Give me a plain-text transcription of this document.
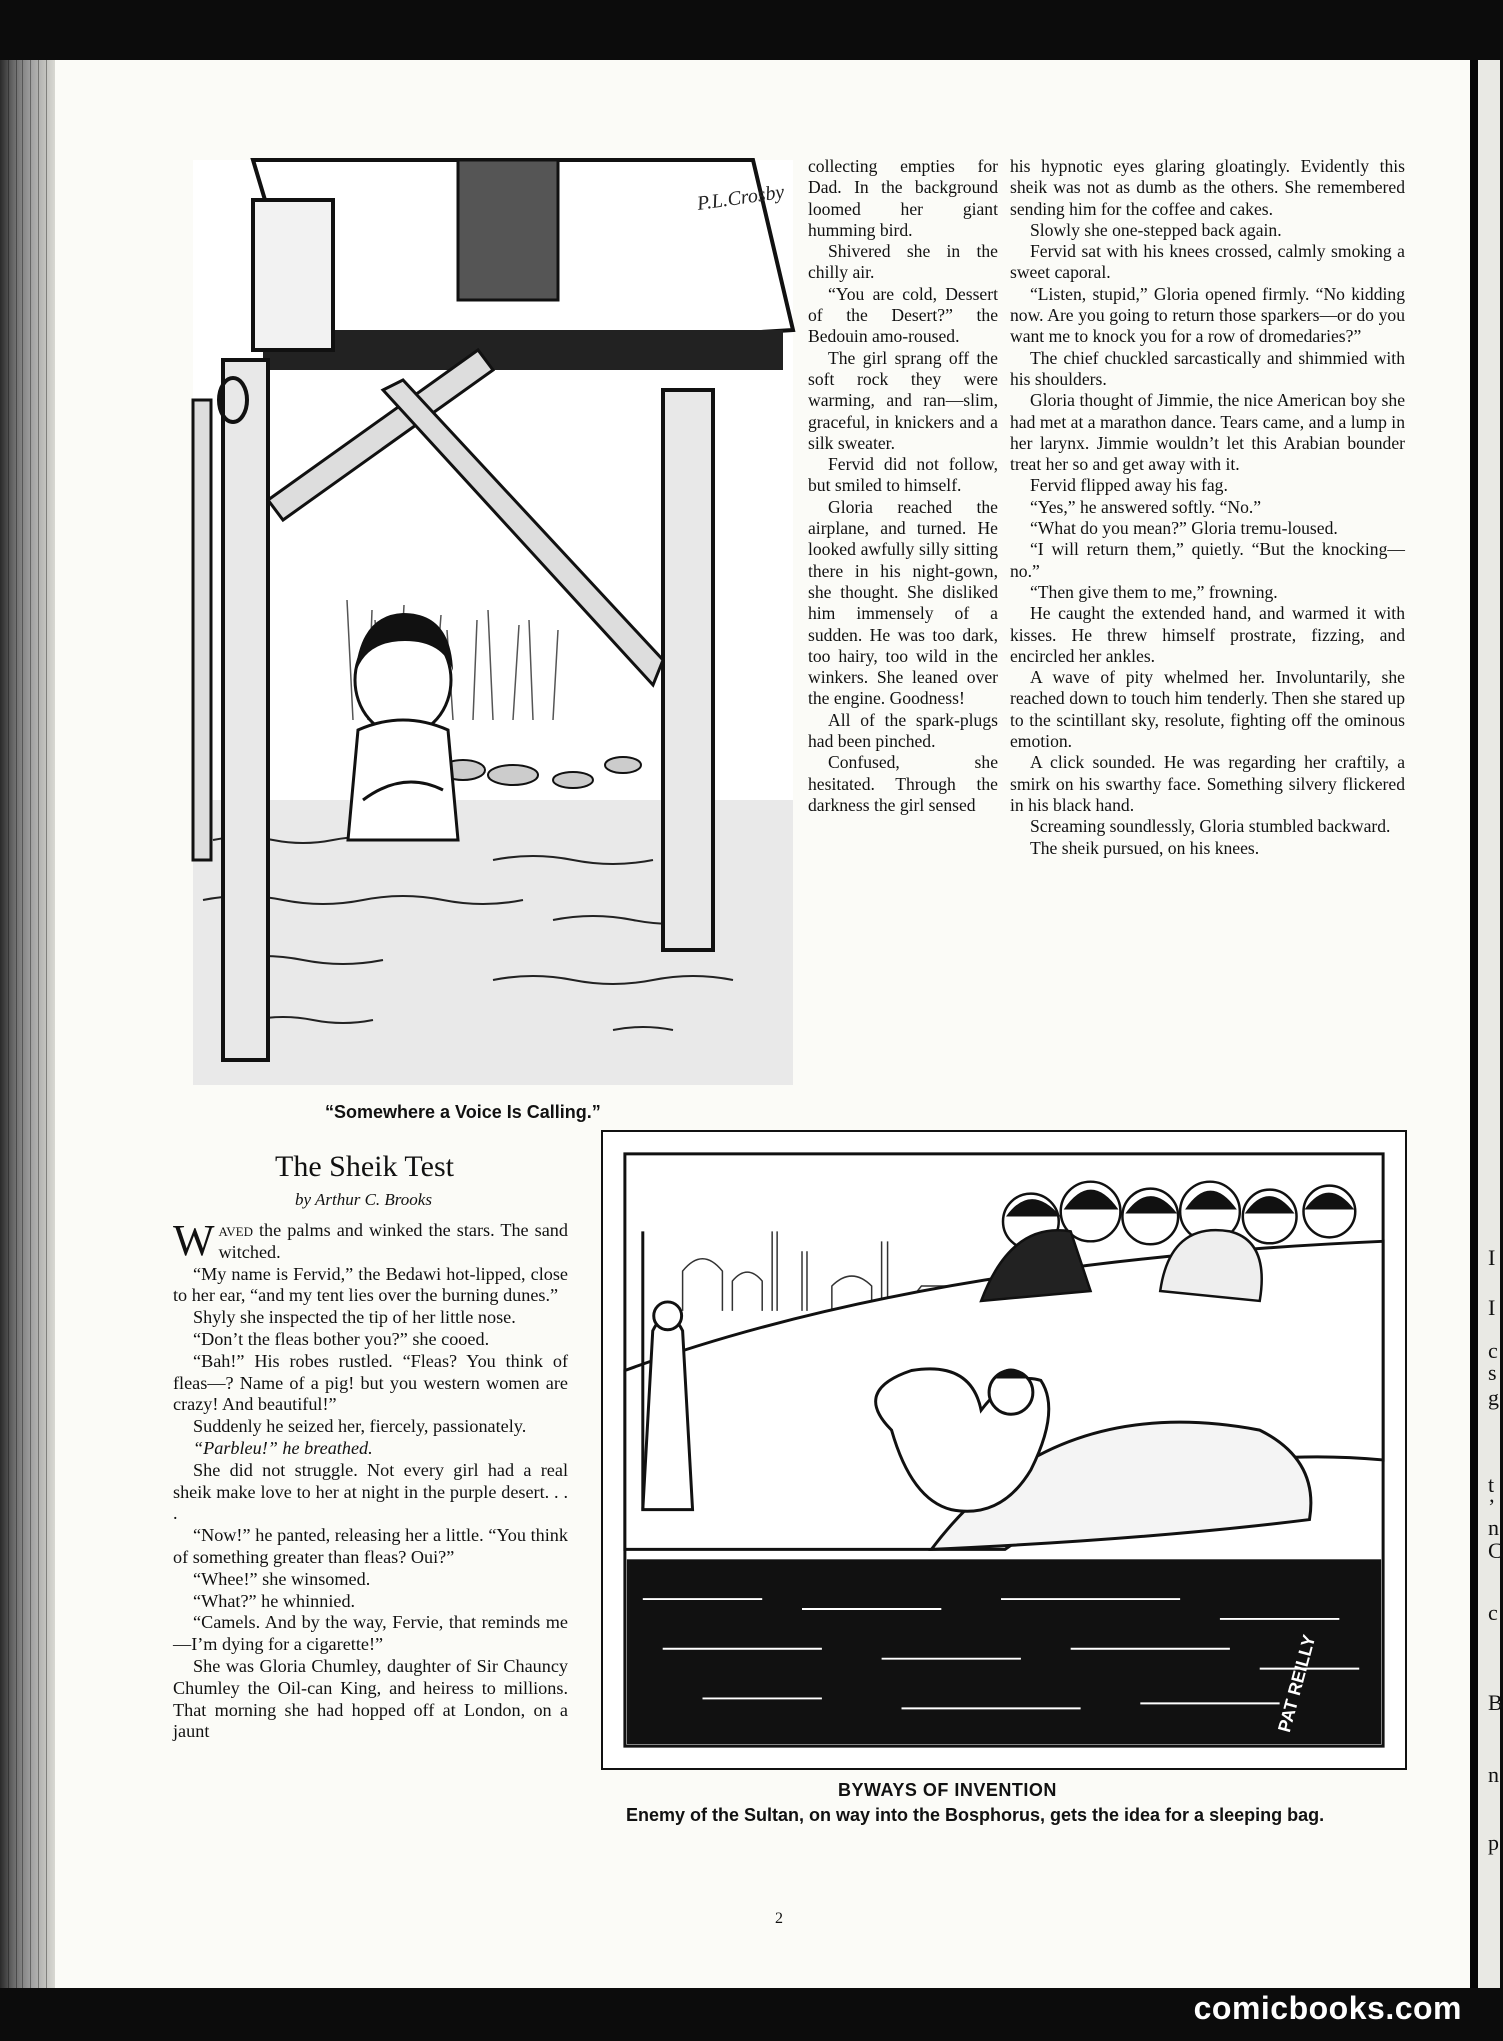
P.L.Crosby
“Somewhere a Voice Is Calling.”
The Sheik Test
by Arthur C. Brooks

Waved the palms and winked the stars. The sand witched.

“My name is Fervid,” the Bedawi hot-lipped, close to her ear, “and my tent lies over the burning dunes.”

Shyly she inspected the tip of her little nose.

“Don’t the fleas bother you?” she cooed.

“Bah!” His robes rustled. “Fleas? You think of fleas—? Name of a pig! but you western women are crazy! And beautiful!”

Suddenly he seized her, fiercely, passionately.

“Parbleu!” he breathed.

She did not struggle. Not every girl had a real sheik make love to her at night in the purple desert. . . .

“Now!” he panted, releasing her a little. “You think of something greater than fleas? Oui?”

“Whee!” she winsomed.

“What?” he whinnied.

“Camels. And by the way, Fervie, that reminds me—I’m dying for a cigarette!”

She was Gloria Chumley, daughter of Sir Chauncy Chumley the Oil-can King, and heiress to millions. That morning she had hopped off at London, on a jaunt

collecting empties for Dad. In the background loomed her giant humming bird.

Shivered she in the chilly air.

“You are cold, Dessert of the Desert?” the Bedouin amo-roused.

The girl sprang off the soft rock they were warming, and ran—slim, graceful, in knickers and a silk sweater.

Fervid did not follow, but smiled to himself.

Gloria reached the airplane, and turned. He looked awfully silly sitting there in his night-gown, she thought. She disliked him immensely of a sudden. He was too dark, too hairy, too wild in the winkers. She leaned over the engine. Goodness!

All of the spark-plugs had been pinched.

Confused, she hesitated. Through the darkness the girl sensed

his hypnotic eyes glaring gloatingly. Evidently this sheik was not as dumb as the others. She remembered sending him for the coffee and cakes.

Slowly she one-stepped back again.

Fervid sat with his knees crossed, calmly smoking a sweet caporal.

“Listen, stupid,” Gloria opened firmly. “No kidding now. Are you going to return those sparkers—or do you want me to knock you for a row of dromedaries?”

The chief chuckled sarcastically and shimmied with his shoulders.

Gloria thought of Jimmie, the nice American boy she had met at a marathon dance. Tears came, and a lump in her larynx. Jimmie wouldn’t let this Arabian bounder treat her so and get away with it.

Fervid flipped away his fag.

“Yes,” he answered softly. “No.”

“What do you mean?” Gloria tremu-loused.

“I will return them,” quietly. “But the knocking—no.”

“Then give them to me,” frowning.

He caught the extended hand, and warmed it with kisses. He threw himself prostrate, fizzing, and encircled her ankles.

A wave of pity whelmed her. Involuntarily, she reached down to touch him tenderly. Then she stared up to the scintillant sky, resolute, fighting off the ominous emotion.

A click sounded. He was regarding her craftily, a smirk on his swarthy face. Something silvery flickered in his black hand.

Screaming soundlessly, Gloria stumbled backward.

The sheik pursued, on his knees.

PAT REILLY
BYWAYS OF INVENTION
Enemy of the Sultan, on way into the Bosphorus, gets the idea for a sleeping bag.
2
I
I
c
s
g
t
’
n
C
c
B
n
p
comicbooks.com
